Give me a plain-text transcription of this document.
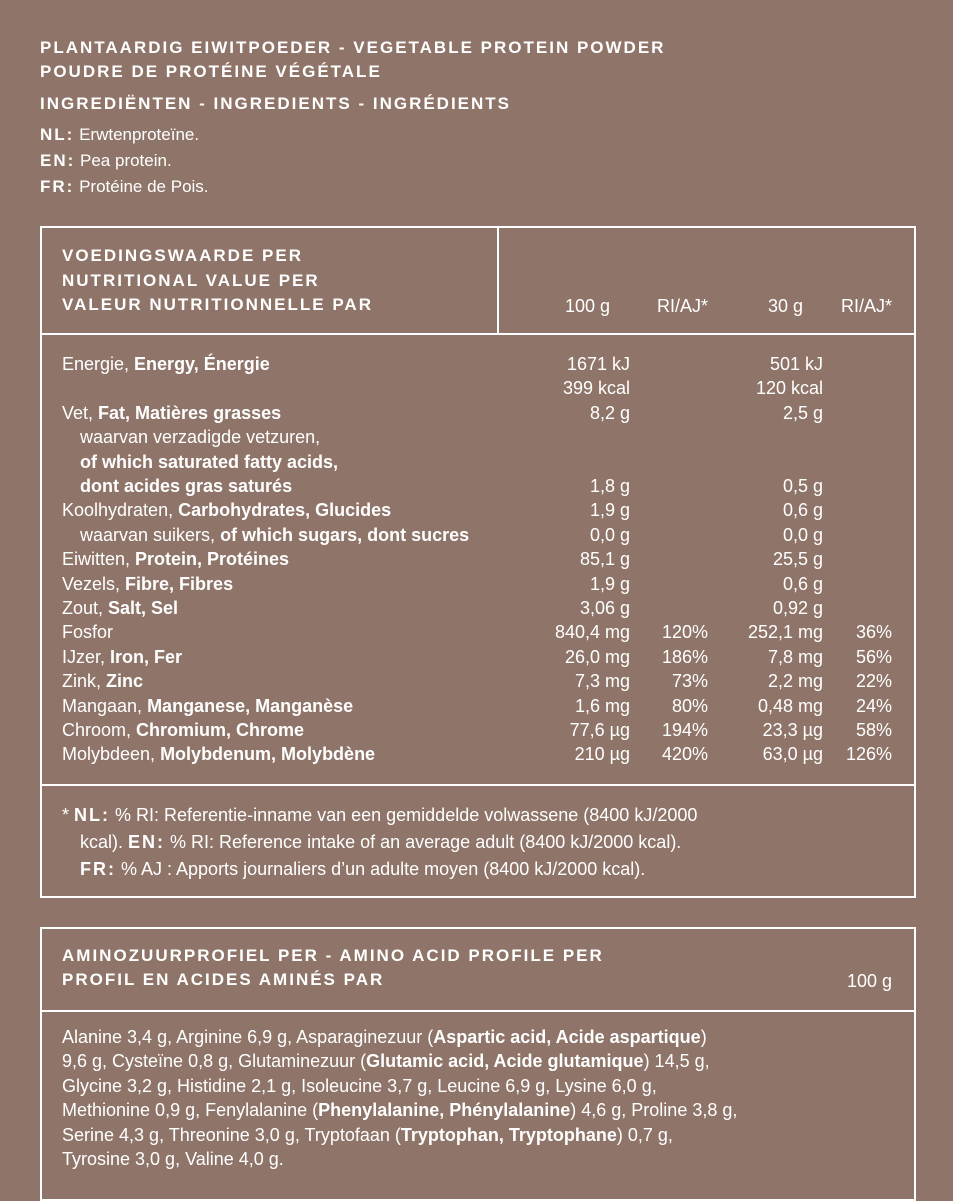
PLANTAARDIG EIWITPOEDER - VEGETABLE PROTEIN POWDER
POUDRE DE PROTÉINE VÉGÉTALE
INGREDIËNTEN - INGREDIENTS - INGRÉDIENTS
NL: Erwtenproteïne.
EN: Pea protein.
FR: Protéine de Pois.
VOEDINGSWAARDE PER
NUTRITIONAL VALUE PER
VALEUR NUTRITIONNELLE PAR	100 g	RI/AJ*	30 g RI/AJ*
Energie, Energy, Énergie	1671 kJ	501 kJ
399 kcal	120 kcal
Vet, Fat, Matières grasses	8,2 g	2,5 g
waarvan verzadigde vetzuren,
of which saturated fatty acids,
dont acides gras saturés	1,8 g	0,5 g
Koolhydraten, Carbohydrates, Glucides	1,9 g	0,6 g
waarvan suikers, of which sugars, dont sucres	0,0 g	0,0 g
Eiwitten, Protein, Protéines	85,1 g	25,5 g
Vezels, Fibre, Fibres	1,9 g	0,6 g
Zout, Salt, Sel	3,06 g	0,92 g
Fosfor	840,4 mg 120% 252,1 mg 36%
IJzer, Iron, Fer	26,0 mg 186%	7,8 mg 56%
Zink, Zinc	7,3 mg 73%	2,2 mg 22%
Mangaan, Manganese, Manganèse	1,6 mg 80%	0,48 mg 24%
Chroom, Chromium, Chrome	77,6 µg 194%	23,3 µg 58%
Molybdeen, Molybdenum, Molybdène	210 µg 420%	63,0 µg 126%
* NL: % RI: Referentie-inname van een gemiddelde volwassene (8400 kJ/2000
kcal). EN: % RI: Reference intake of an average adult (8400 kJ/2000 kcal).
FR: % AJ : Apports journaliers d’un adulte moyen (8400 kJ/2000 kcal).
AMINOZUURPROFIEL PER - AMINO ACID PROFILE PER
PROFIL EN ACIDES AMINÉS PAR	100 g
Alanine 3,4 g, Arginine 6,9 g, Asparaginezuur (Aspartic acid, Acide aspartique)
9,6 g, Cysteïne 0,8 g, Glutaminezuur (Glutamic acid, Acide glutamique) 14,5 g,
Glycine 3,2 g, Histidine 2,1 g, Isoleucine 3,7 g, Leucine 6,9 g, Lysine 6,0 g,
Methionine 0,9 g, Fenylalanine (Phenylalanine, Phénylalanine) 4,6 g, Proline 3,8 g,
Serine 4,3 g, Threonine 3,0 g, Tryptofaan (Tryptophan, Tryptophane) 0,7 g,
Tyrosine 3,0 g, Valine 4,0 g.
